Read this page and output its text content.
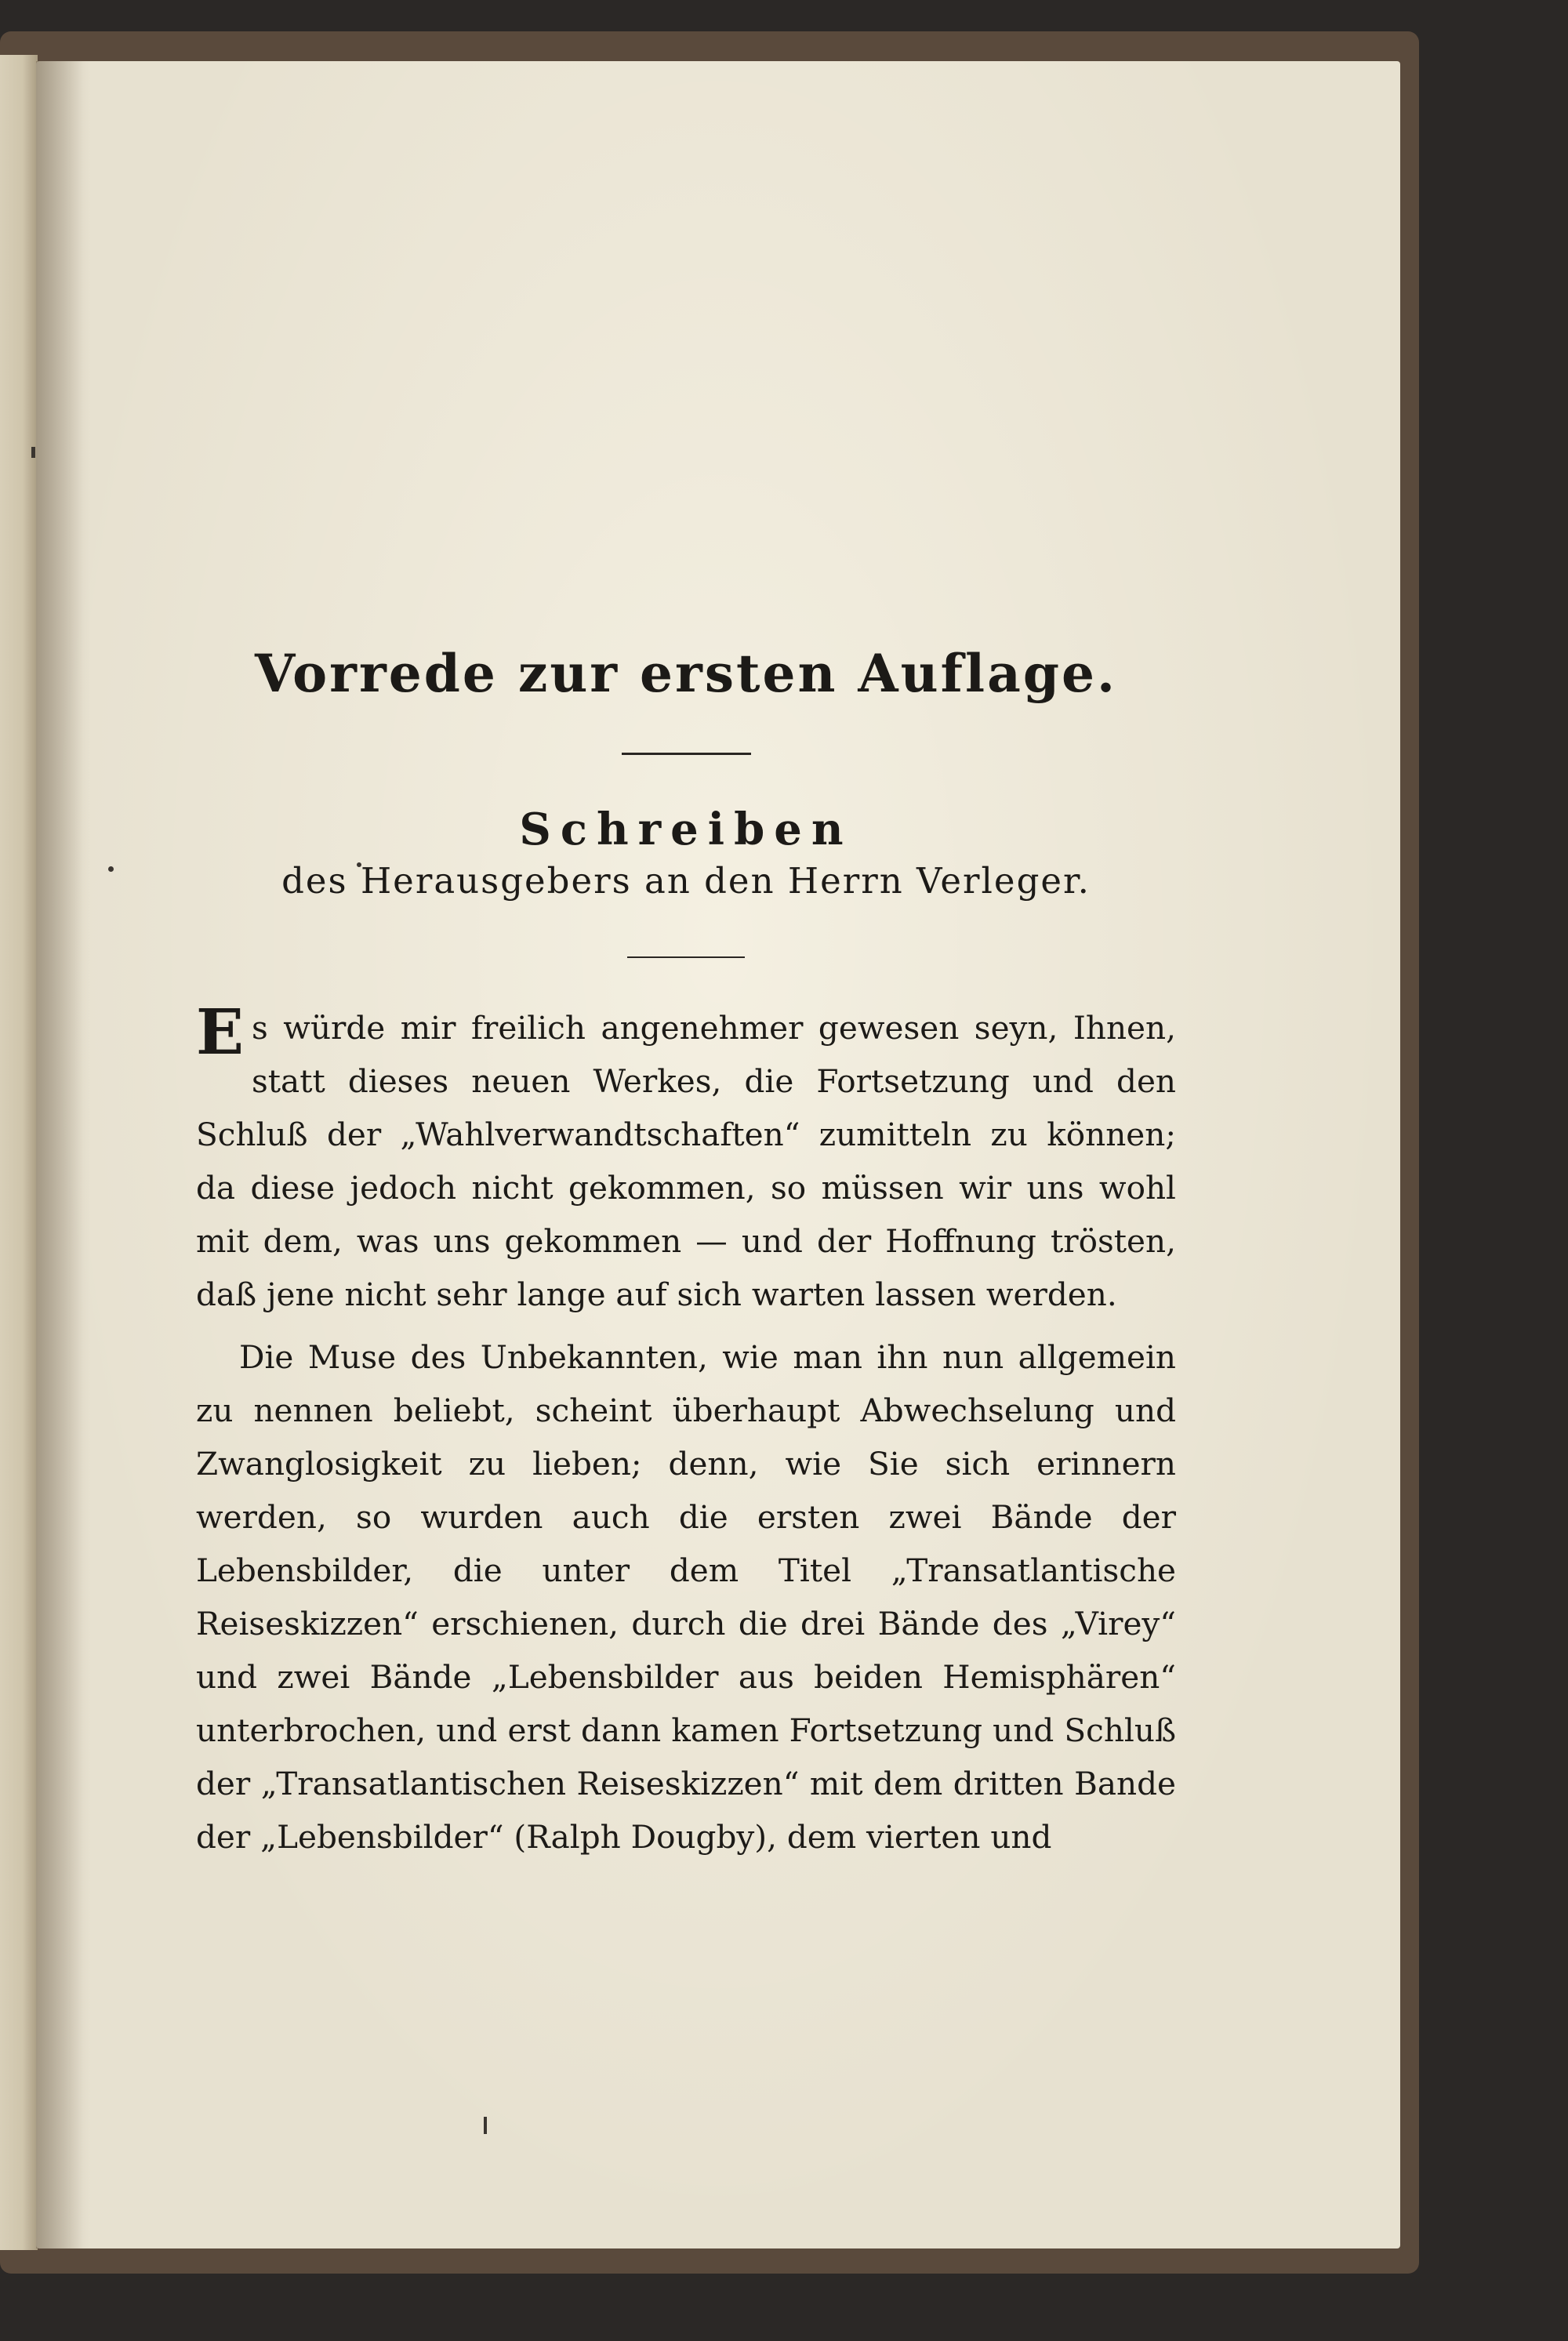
Vorrede zur ersten Auflage.
Schreiben
des Herausgebers an den Herrn Verleger.

Es würde mir freilich angenehmer gewesen seyn, Ihnen, statt dieses neuen Werkes, die Fortsetzung und den Schluß der „Wahlverwandtschaften“ zumitteln zu können; da diese jedoch nicht gekommen, so müssen wir uns wohl mit dem, was uns gekommen — und der Hoffnung trösten, daß jene nicht sehr lange auf sich warten lassen werden.

Die Muse des Unbekannten, wie man ihn nun allgemein zu nennen beliebt, scheint überhaupt Abwechselung und Zwanglosigkeit zu lieben; denn, wie Sie sich erinnern werden, so wurden auch die ersten zwei Bände der Lebensbilder, die unter dem Titel „Transatlantische Reiseskizzen“ erschienen, durch die drei Bände des „Virey“ und zwei Bände „Lebensbilder aus beiden Hemisphären“ unterbrochen, und erst dann kamen Fortsetzung und Schluß der „Transatlantischen Reiseskizzen“ mit dem dritten Bande der „Lebensbilder“ (Ralph Dougby), dem vierten und
